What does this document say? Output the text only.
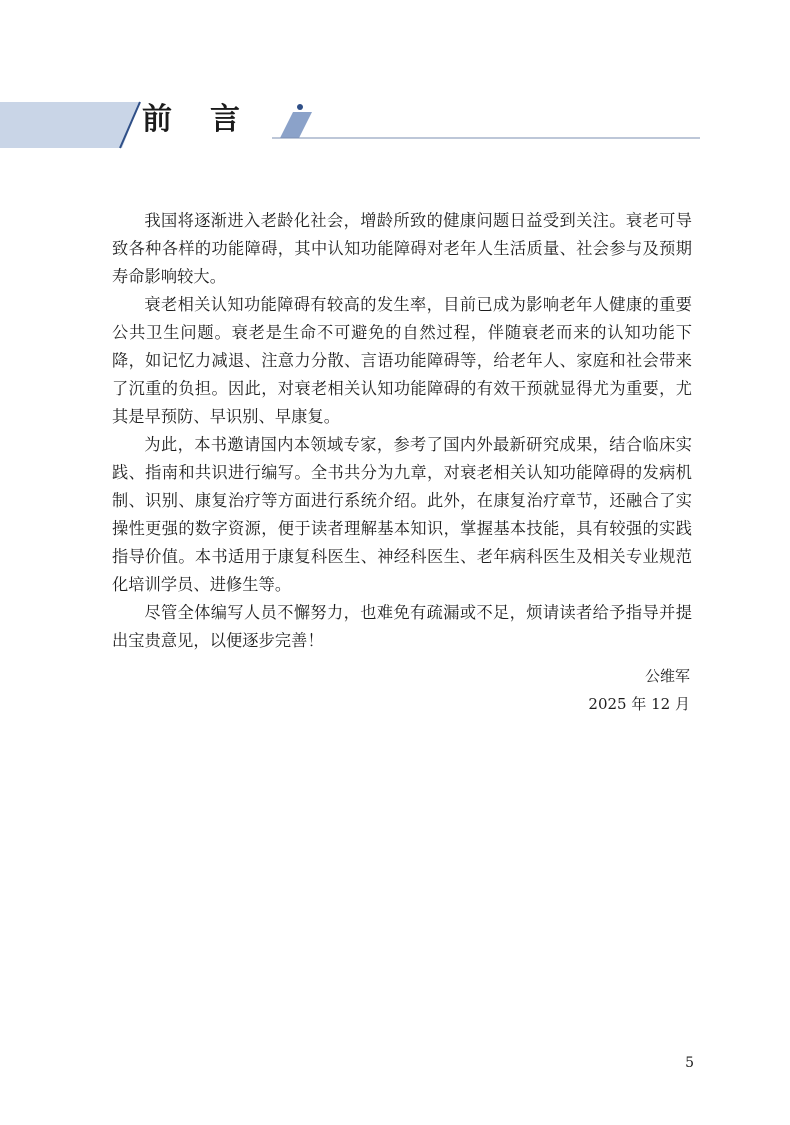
前言

我国将逐渐进入老龄化社会，增龄所致的健康问题日益受到关注。衰老可导致各种各样的功能障碍，其中认知功能障碍对老年人生活质量、社会参与及预期寿命影响较大。

衰老相关认知功能障碍有较高的发生率，目前已成为影响老年人健康的重要公共卫生问题。衰老是生命不可避免的自然过程，伴随衰老而来的认知功能下降，如记忆力减退、注意力分散、言语功能障碍等，给老年人、家庭和社会带来了沉重的负担。因此，对衰老相关认知功能障碍的有效干预就显得尤为重要，尤其是早预防、早识别、早康复。

为此，本书邀请国内本领域专家，参考了国内外最新研究成果，结合临床实践、指南和共识进行编写。全书共分为九章，对衰老相关认知功能障碍的发病机制、识别、康复治疗等方面进行系统介绍。此外，在康复治疗章节，还融合了实操性更强的数字资源，便于读者理解基本知识，掌握基本技能，具有较强的实践指导价值。本书适用于康复科医生、神经科医生、老年病科医生及相关专业规范化培训学员、进修生等。

尽管全体编写人员不懈努力，也难免有疏漏或不足，烦请读者给予指导并提出宝贵意见，以便逐步完善！

公维军
2025 年 12 月
5
